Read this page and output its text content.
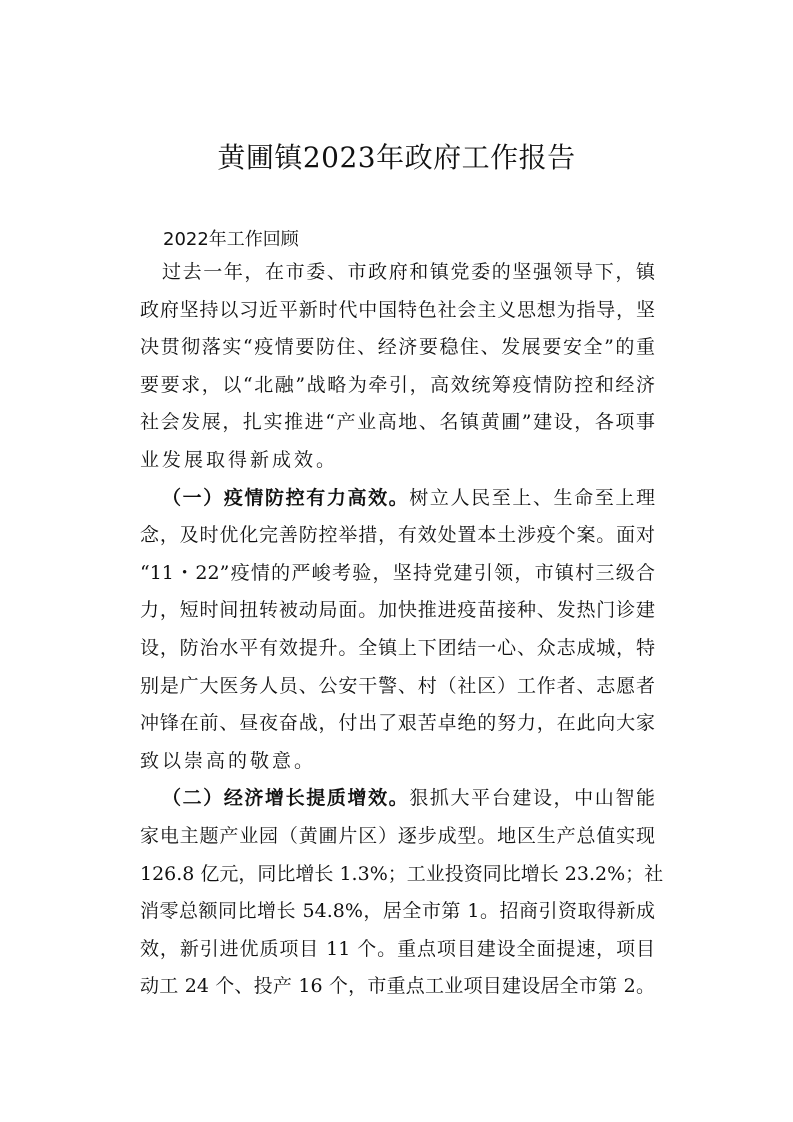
黄圃镇2023年政府工作报告
2022年工作回顾
过去一年，在市委、市政府和镇党委的坚强领导下，镇
政府坚持以习近平新时代中国特色社会主义思想为指导，坚
决贯彻落实“疫情要防住、经济要稳住、发展要安全”的重
要要求，以“北融”战略为牵引，高效统筹疫情防控和经济
社会发展，扎实推进“产业高地、名镇黄圃”建设，各项事
业发展取得新成效。
（一）疫情防控有力高效。树立人民至上、生命至上理
念，及时优化完善防控举措，有效处置本土涉疫个案。面对
“11・22”疫情的严峻考验，坚持党建引领，市镇村三级合
力，短时间扭转被动局面。加快推进疫苗接种、发热门诊建
设，防治水平有效提升。全镇上下团结一心、众志成城，特
别是广大医务人员、公安干警、村（社区）工作者、志愿者
冲锋在前、昼夜奋战，付出了艰苦卓绝的努力，在此向大家
致以崇高的敬意。
（二）经济增长提质增效。狠抓大平台建设，中山智能
家电主题产业园（黄圃片区）逐步成型。地区生产总值实现
126.8 亿元，同比增长 1.3%；工业投资同比增长 23.2%；社
消零总额同比增长 54.8%，居全市第 1。招商引资取得新成
效，新引进优质项目 11 个。重点项目建设全面提速，项目
动工 24 个、投产 16 个，市重点工业项目建设居全市第 2。
